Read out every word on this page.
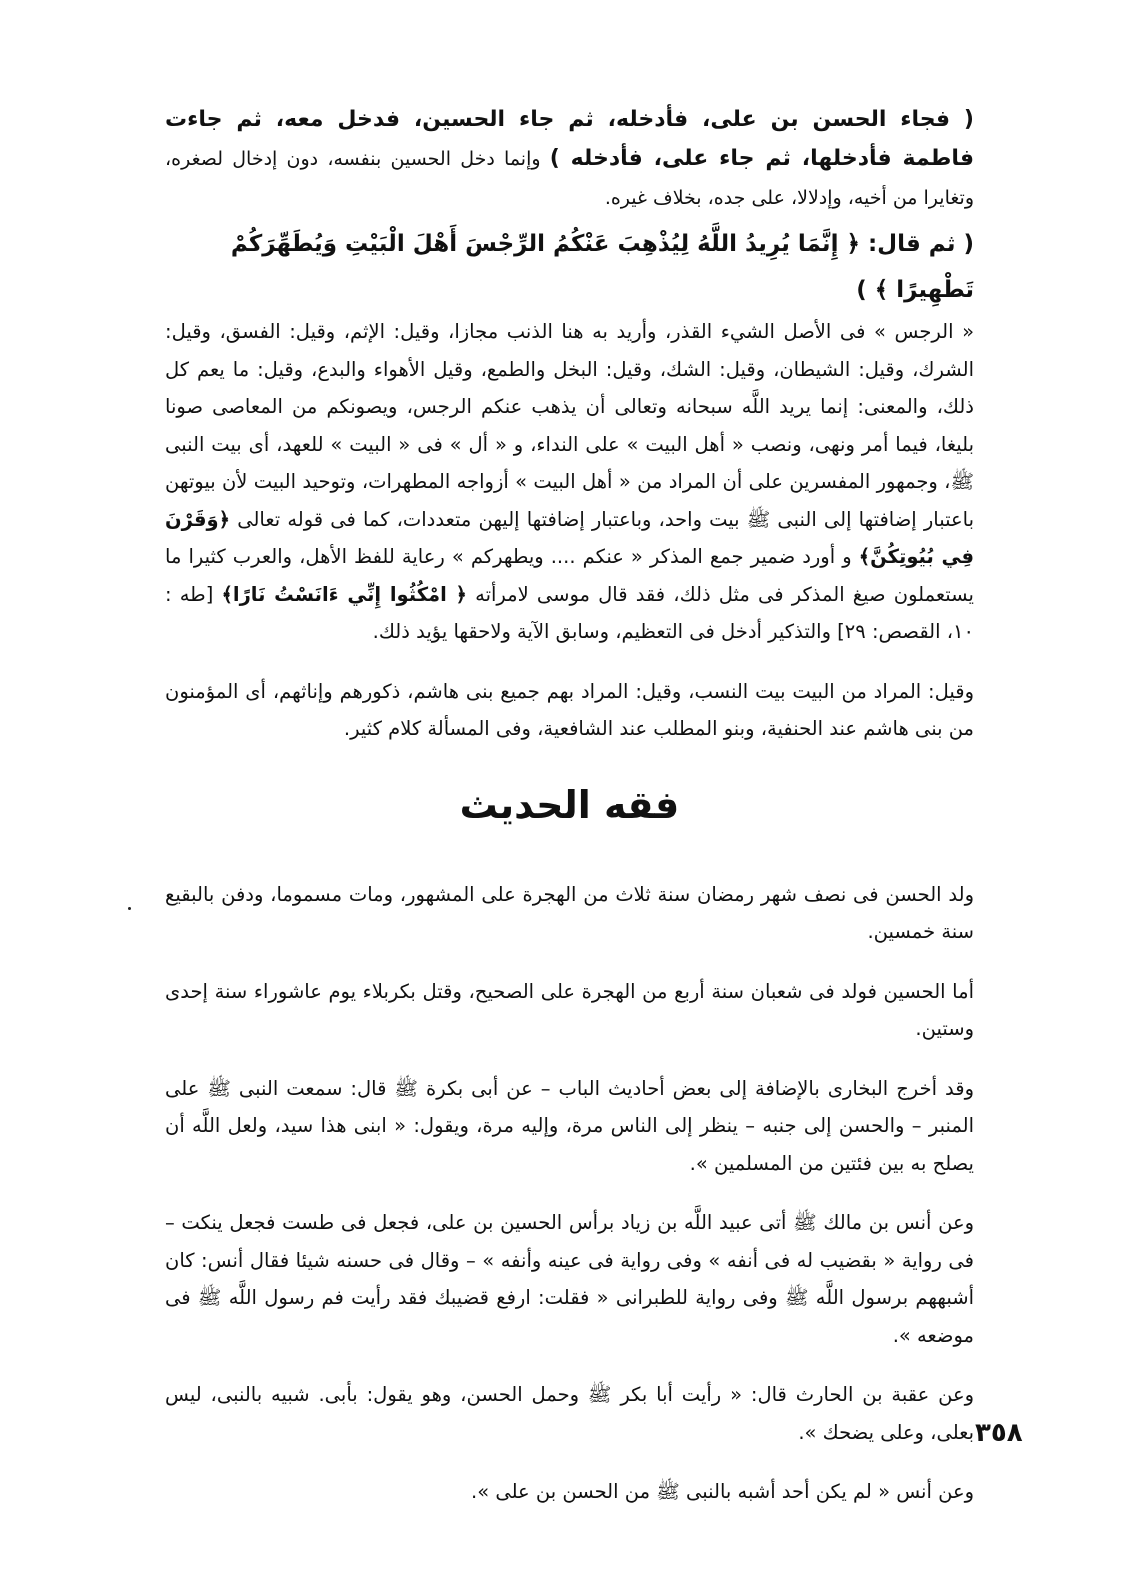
( فجاء الحسن بن على، فأدخله، ثم جاء الحسين، فدخل معه، ثم جاءت فاطمة فأدخلها، ثم جاء على، فأدخله ) وإنما دخل الحسين بنفسه، دون إدخال لصغره، وتغايرا من أخيه، وإدلالا، على جده، بخلاف غيره.

( ثم قال: ﴿ إِنَّمَا يُرِيدُ اللَّهُ لِيُذْهِبَ عَنْكُمُ الرِّجْسَ أَهْلَ الْبَيْتِ وَيُطَهِّرَكُمْ تَطْهِيرًا ﴾ )

« الرجس » فى الأصل الشيء القذر، وأريد به هنا الذنب مجازا، وقيل: الإثم، وقيل: الفسق، وقيل: الشرك، وقيل: الشيطان، وقيل: الشك، وقيل: البخل والطمع، وقيل الأهواء والبدع، وقيل: ما يعم كل ذلك، والمعنى: إنما يريد اللَّه سبحانه وتعالى أن يذهب عنكم الرجس، ويصونكم من المعاصى صونا بليغا، فيما أمر ونهى، ونصب « أهل البيت » على النداء، و « أل » فى « البيت » للعهد، أى بيت النبى ﷺ، وجمهور المفسرين على أن المراد من « أهل البيت » أزواجه المطهرات، وتوحيد البيت لأن بيوتهن باعتبار إضافتها إلى النبى ﷺ بيت واحد، وباعتبار إضافتها إليهن متعددات، كما فى قوله تعالى ﴿وَقَرْنَ فِي بُيُوتِكُنَّ﴾ و أورد ضمير جمع المذكر « عنكم .... ويطهركم » رعاية للفظ الأهل، والعرب كثيرا ما يستعملون صيغ المذكر فى مثل ذلك، فقد قال موسى لامرأته ﴿ امْكُثُوا إِنِّي ءَانَسْتُ نَارًا﴾ [طه : ١٠، القصص: ٢٩] والتذكير أدخل فى التعظيم، وسابق الآية ولاحقها يؤيد ذلك.

وقيل: المراد من البيت بيت النسب، وقيل: المراد بهم جميع بنى هاشم، ذكورهم وإناثهم، أى المؤمنون من بنى هاشم عند الحنفية، وبنو المطلب عند الشافعية، وفى المسألة كلام كثير.

فقه الحديث

ولد الحسن فى نصف شهر رمضان سنة ثلاث من الهجرة على المشهور، ومات مسموما، ودفن بالبقيع سنة خمسين.

أما الحسين فولد فى شعبان سنة أربع من الهجرة على الصحيح، وقتل بكربلاء يوم عاشوراء سنة إحدى وستين.

وقد أخرج البخارى بالإضافة إلى بعض أحاديث الباب – عن أبى بكرة ﷺ قال: سمعت النبى ﷺ على المنبر – والحسن إلى جنبه – ينظر إلى الناس مرة، وإليه مرة، ويقول: « ابنى هذا سيد، ولعل اللَّه أن يصلح به بين فئتين من المسلمين ».

وعن أنس بن مالك ﷺ أتى عبيد اللَّه بن زياد برأس الحسين بن على، فجعل فى طست فجعل ينكت – فى رواية « بقضيب له فى أنفه » وفى رواية فى عينه وأنفه » – وقال فى حسنه شيئا فقال أنس: كان أشبههم برسول اللَّه ﷺ وفى رواية للطبرانى « فقلت: ارفع قضيبك فقد رأيت فم رسول اللَّه ﷺ فى موضعه ».

وعن عقبة بن الحارث قال: « رأيت أبا بكر ﷺ وحمل الحسن، وهو يقول: بأبى. شبيه بالنبى، ليس بعلى، وعلى يضحك ».

وعن أنس « لم يكن أحد أشبه بالنبى ﷺ من الحسن بن على ».

٣٥٨
